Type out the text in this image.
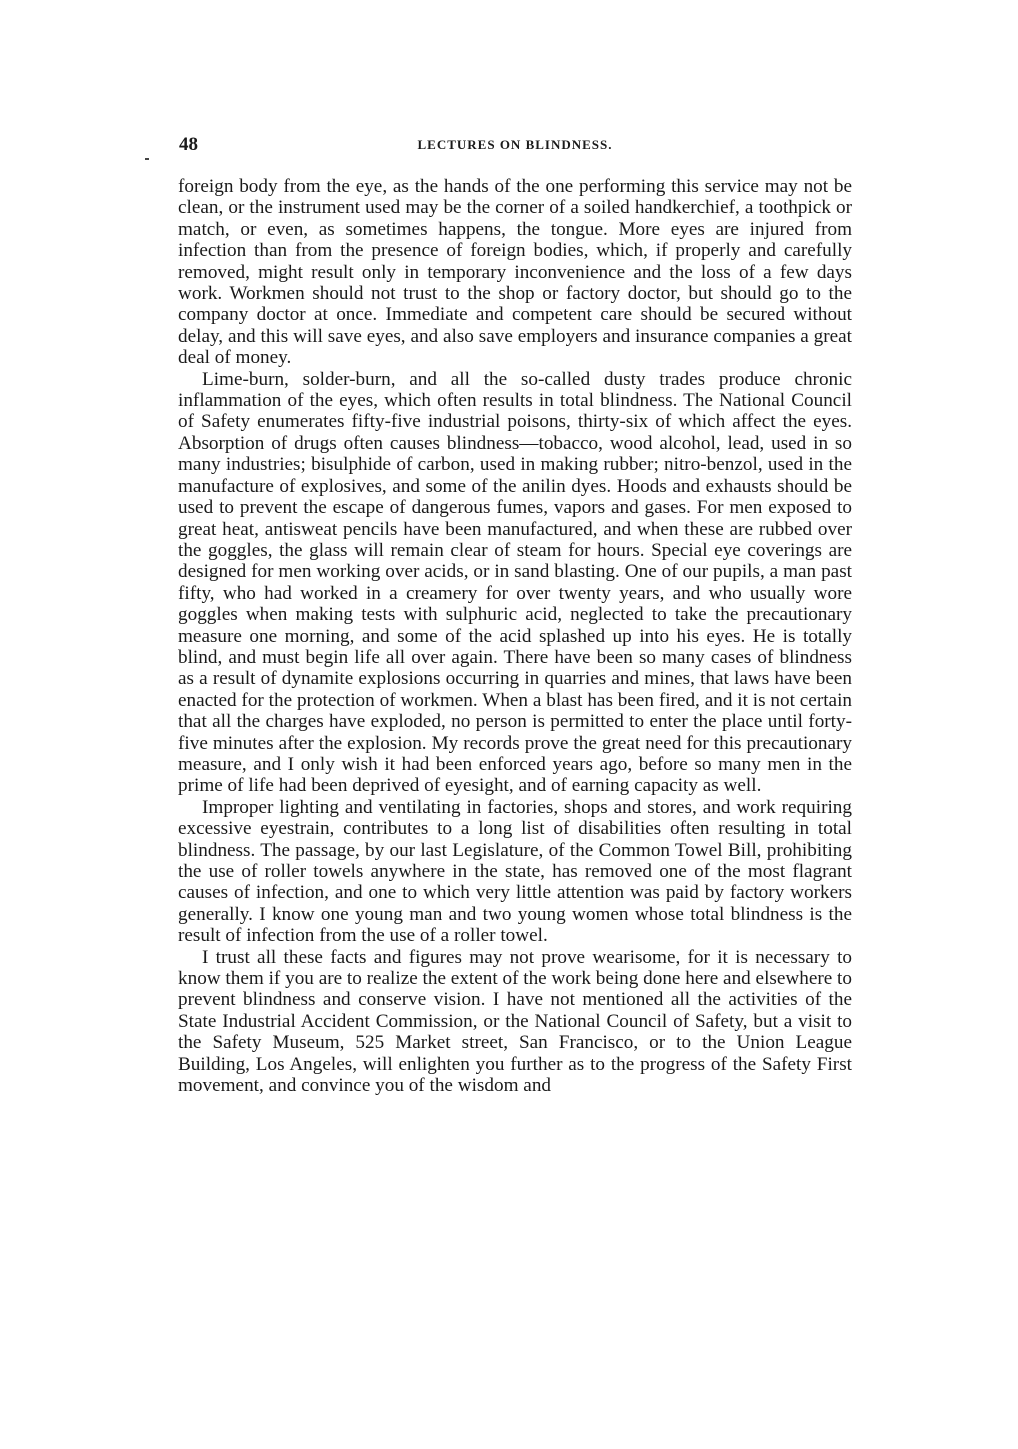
48	LECTURES ON BLINDNESS.

foreign body from the eye, as the hands of the one performing this service may not be clean, or the instrument used may be the corner of a soiled handkerchief, a toothpick or match, or even, as sometimes happens, the tongue. More eyes are injured from infection than from the presence of foreign bodies, which, if properly and carefully removed, might result only in temporary inconvenience and the loss of a few days work. Workmen should not trust to the shop or factory doctor, but should go to the company doctor at once. Immediate and competent care should be secured without delay, and this will save eyes, and also save employers and insurance companies a great deal of money.

Lime-burn, solder-burn, and all the so-called dusty trades produce chronic inflammation of the eyes, which often results in total blindness. The National Council of Safety enumerates fifty-five industrial poisons, thirty-six of which affect the eyes. Absorption of drugs often causes blindness—tobacco, wood alcohol, lead, used in so many industries; bisulphide of carbon, used in making rubber; nitro-benzol, used in the manufacture of explosives, and some of the anilin dyes. Hoods and exhausts should be used to prevent the escape of dangerous fumes, vapors and gases. For men exposed to great heat, antisweat pencils have been manufactured, and when these are rubbed over the goggles, the glass will remain clear of steam for hours. Special eye coverings are designed for men working over acids, or in sand blasting. One of our pupils, a man past fifty, who had worked in a creamery for over twenty years, and who usually wore goggles when making tests with sulphuric acid, neglected to take the precautionary measure one morning, and some of the acid splashed up into his eyes. He is totally blind, and must begin life all over again. There have been so many cases of blindness as a result of dynamite explosions occurring in quarries and mines, that laws have been enacted for the protection of workmen. When a blast has been fired, and it is not certain that all the charges have exploded, no person is permitted to enter the place until forty-five minutes after the explosion. My records prove the great need for this precautionary measure, and I only wish it had been enforced years ago, before so many men in the prime of life had been deprived of eyesight, and of earning capacity as well.

Improper lighting and ventilating in factories, shops and stores, and work requiring excessive eyestrain, contributes to a long list of disabilities often resulting in total blindness. The passage, by our last Legislature, of the Common Towel Bill, prohibiting the use of roller towels anywhere in the state, has removed one of the most flagrant causes of infection, and one to which very little attention was paid by factory workers generally. I know one young man and two young women whose total blindness is the result of infection from the use of a roller towel.

I trust all these facts and figures may not prove wearisome, for it is necessary to know them if you are to realize the extent of the work being done here and elsewhere to prevent blindness and conserve vision. I have not mentioned all the activities of the State Industrial Accident Commission, or the National Council of Safety, but a visit to the Safety Museum, 525 Market street, San Francisco, or to the Union League Building, Los Angeles, will enlighten you further as to the progress of the Safety First movement, and convince you of the wisdom and
